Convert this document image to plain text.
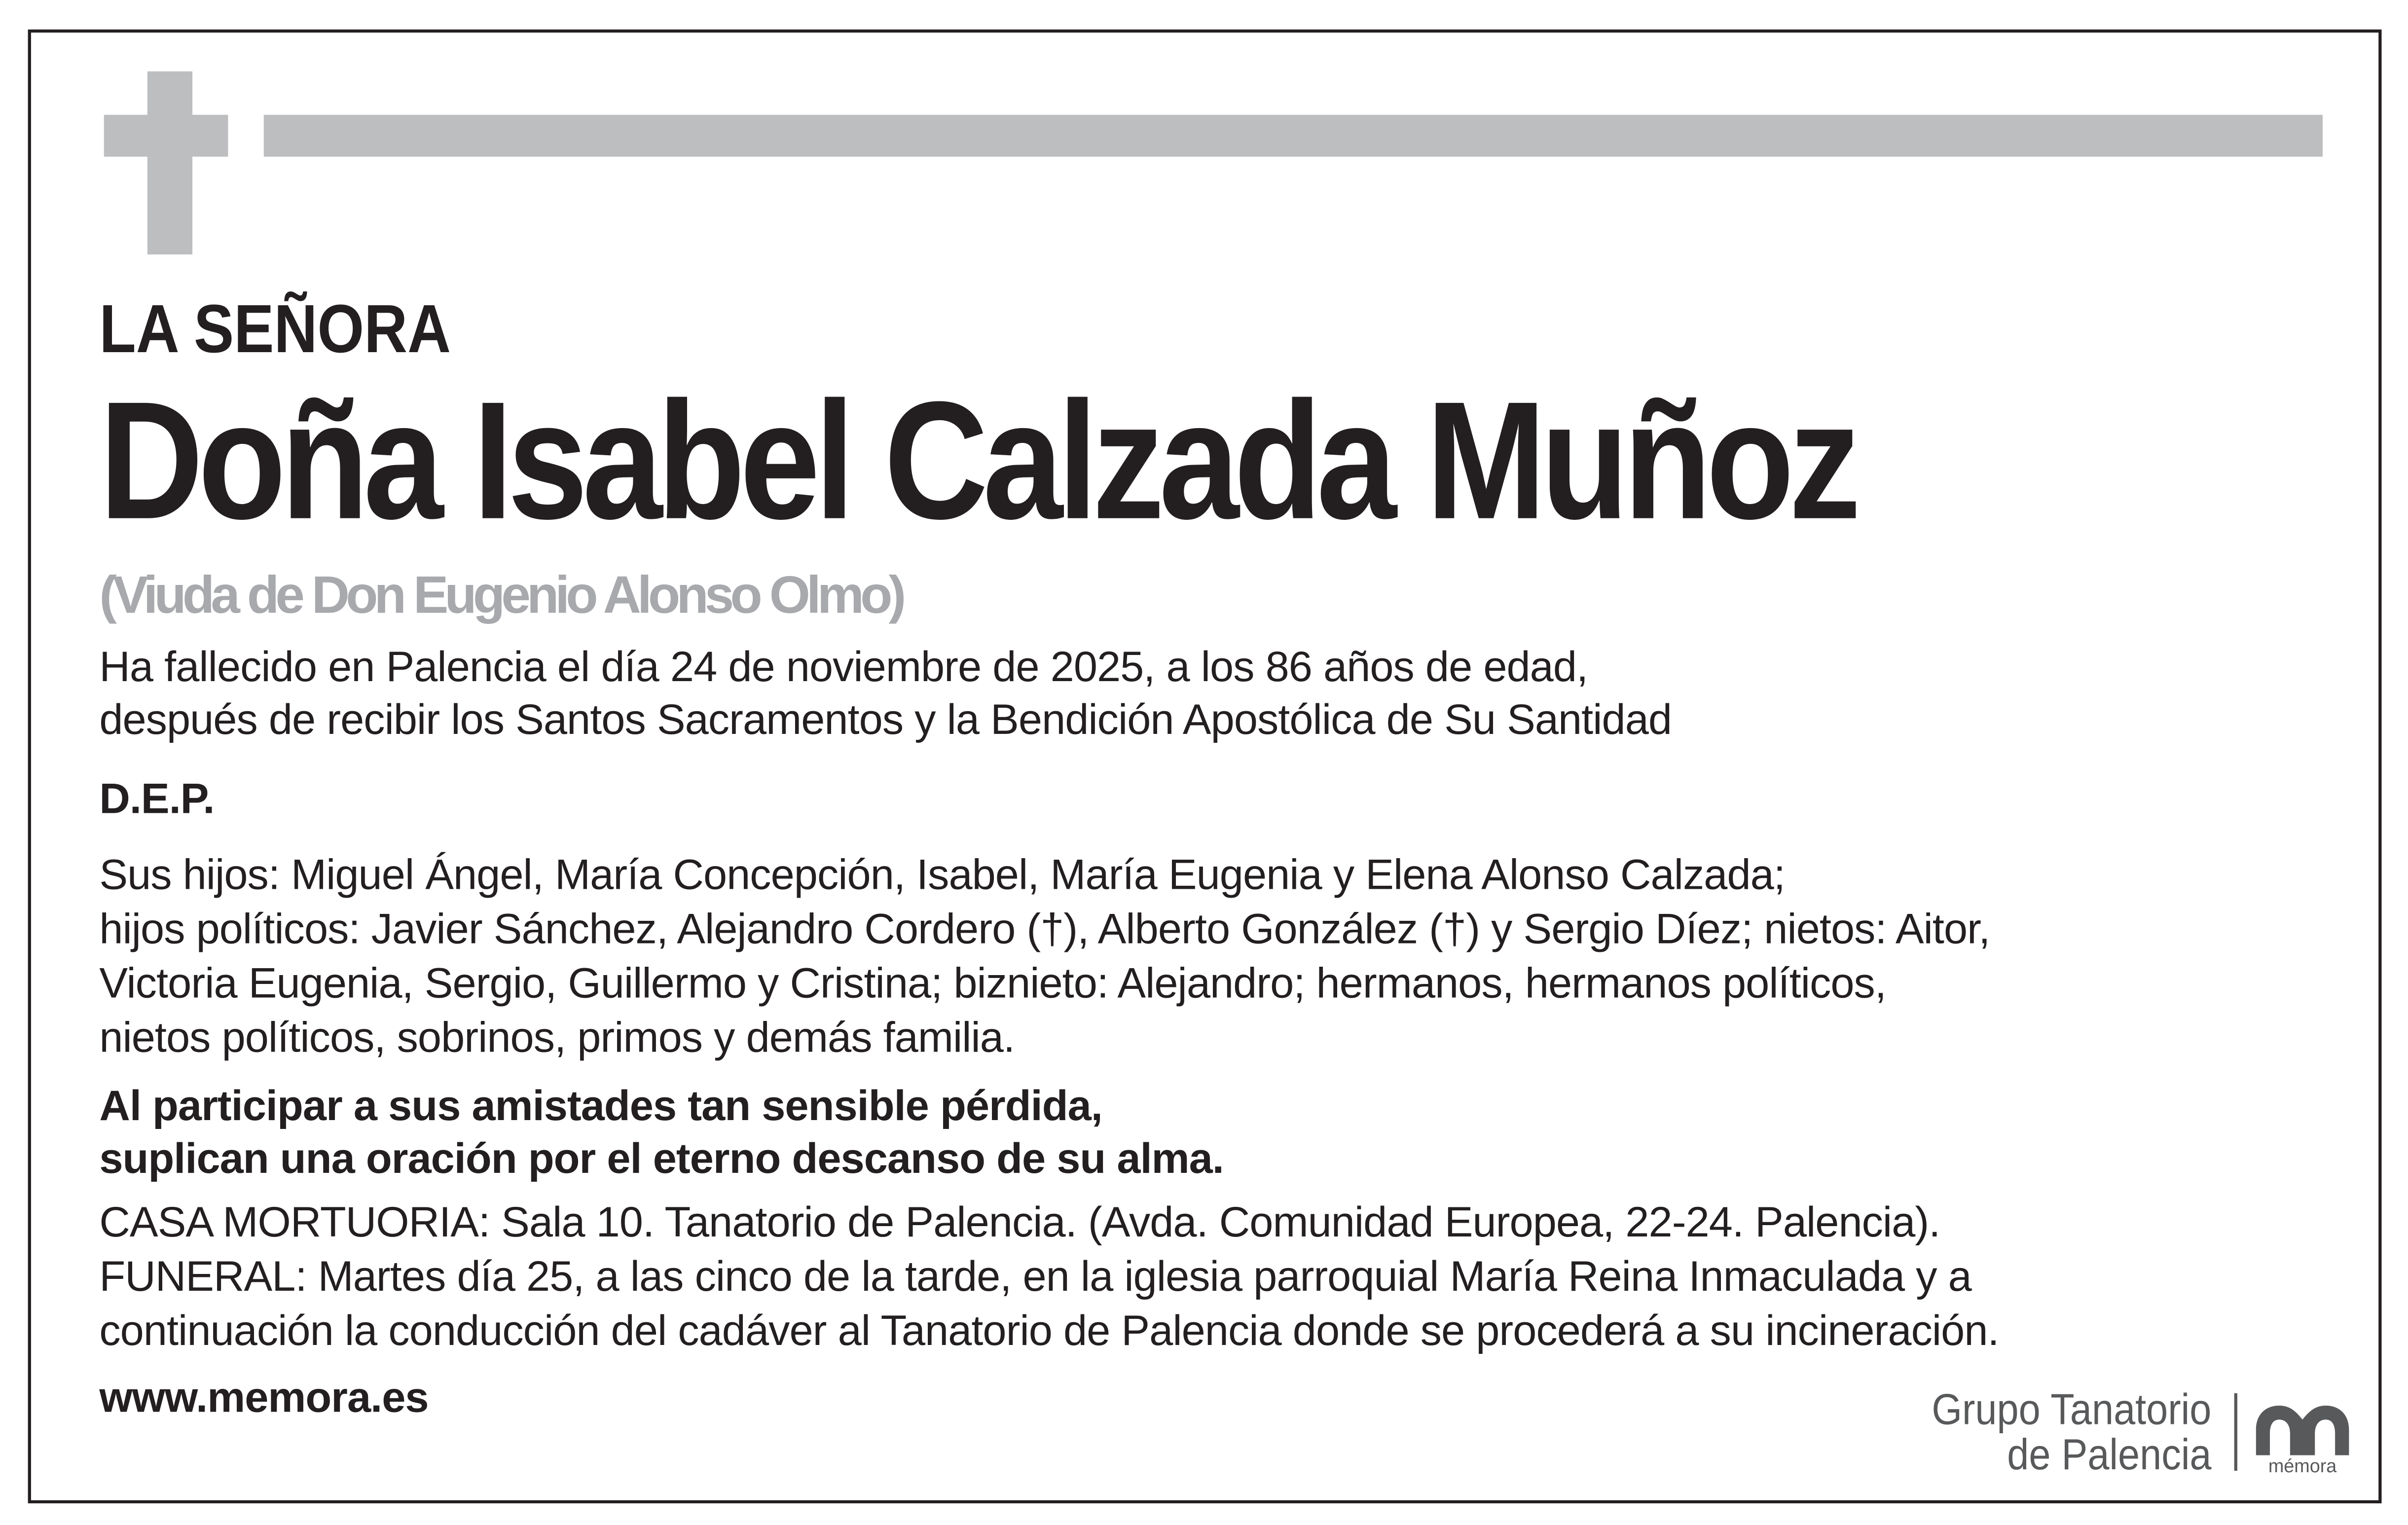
LA SEÑORA
Doña Isabel Calzada Muñoz
(Viuda de Don Eugenio Alonso Olmo)
Ha fallecido en Palencia el día 24 de noviembre de 2025, a los 86 años de edad,
después de recibir los Santos Sacramentos y la Bendición Apostólica de Su Santidad
D.E.P.
Sus hijos: Miguel Ángel, María Concepción, Isabel, María Eugenia y Elena Alonso Calzada;
hijos políticos: Javier Sánchez, Alejandro Cordero (†), Alberto González (†) y Sergio Díez; nietos: Aitor,
Victoria Eugenia, Sergio, Guillermo y Cristina; biznieto: Alejandro; hermanos, hermanos políticos,
nietos políticos, sobrinos, primos y demás familia.
Al participar a sus amistades tan sensible pérdida,
suplican una oración por el eterno descanso de su alma.
CASA MORTUORIA: Sala 10. Tanatorio de Palencia. (Avda. Comunidad Europea, 22-24. Palencia).
FUNERAL: Martes día 25, a las cinco de la tarde, en la iglesia parroquial María Reina Inmaculada y a
continuación la conducción del cadáver al Tanatorio de Palencia donde se procederá a su incineración.
www.memora.es	Grupo Tanatorio
de Palencia	mémora
